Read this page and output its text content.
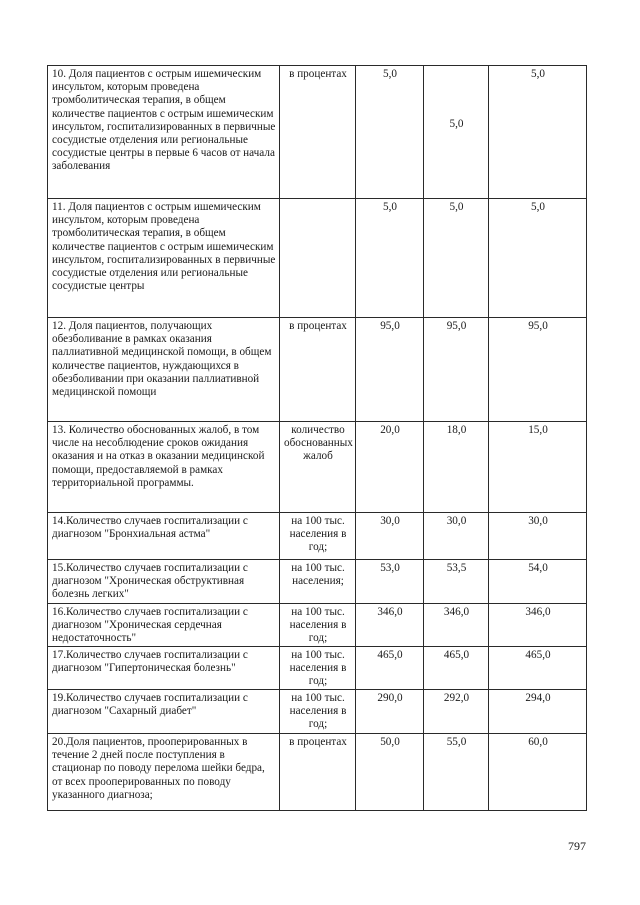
10. Доля пациентов с острым ишемическим инсультом, которым проведена тромболитическая терапия, в общем количестве пациентов с острым ишемическим инсультом, госпитализированных в первичные сосудистые отделения или региональные сосудистые центры в первые 6 часов от начала заболевания	в процентах	5,0	5,0	5,0
11. Доля пациентов с острым ишемическим инсультом, которым проведена тромболитическая терапия, в общем количестве пациентов с острым ишемическим инсультом, госпитализированных в первичные сосудистые отделения или региональные сосудистые центры		5,0	5,0	5,0
12. Доля пациентов, получающих обезболивание в рамках оказания паллиативной медицинской помощи, в общем количестве пациентов, нуждающихся в обезболивании при оказании паллиативной медицинской помощи	в процентах	95,0	95,0	95,0
13. Количество обоснованных жалоб, в том числе на несоблюдение сроков ожидания оказания и на отказ в оказании медицинской помощи, предоставляемой в рамках территориальной программы.	количество обоснованных жалоб	20,0	18,0	15,0
14.Количество случаев госпитализации с диагнозом "Бронхиальная астма"	на 100 тыс. населения в год;	30,0	30,0	30,0
15.Количество случаев госпитализации с диагнозом "Хроническая обструктивная болезнь легких"	на 100 тыс. населения;	53,0	53,5	54,0
16.Количество случаев госпитализации с диагнозом "Хроническая сердечная недостаточность"	на 100 тыс. населения в год;	346,0	346,0	346,0
17.Количество случаев госпитализации с диагнозом "Гипертоническая болезнь"	на 100 тыс. населения в год;	465,0	465,0	465,0
19.Количество случаев госпитализации с диагнозом "Сахарный диабет"	на 100 тыс. населения в год;	290,0	292,0	294,0
20.Доля пациентов, прооперированных в течение 2 дней после поступления в стационар по поводу перелома шейки бедра, от всех прооперированных по поводу указанного диагноза;	в процентах	50,0	55,0	60,0
797
